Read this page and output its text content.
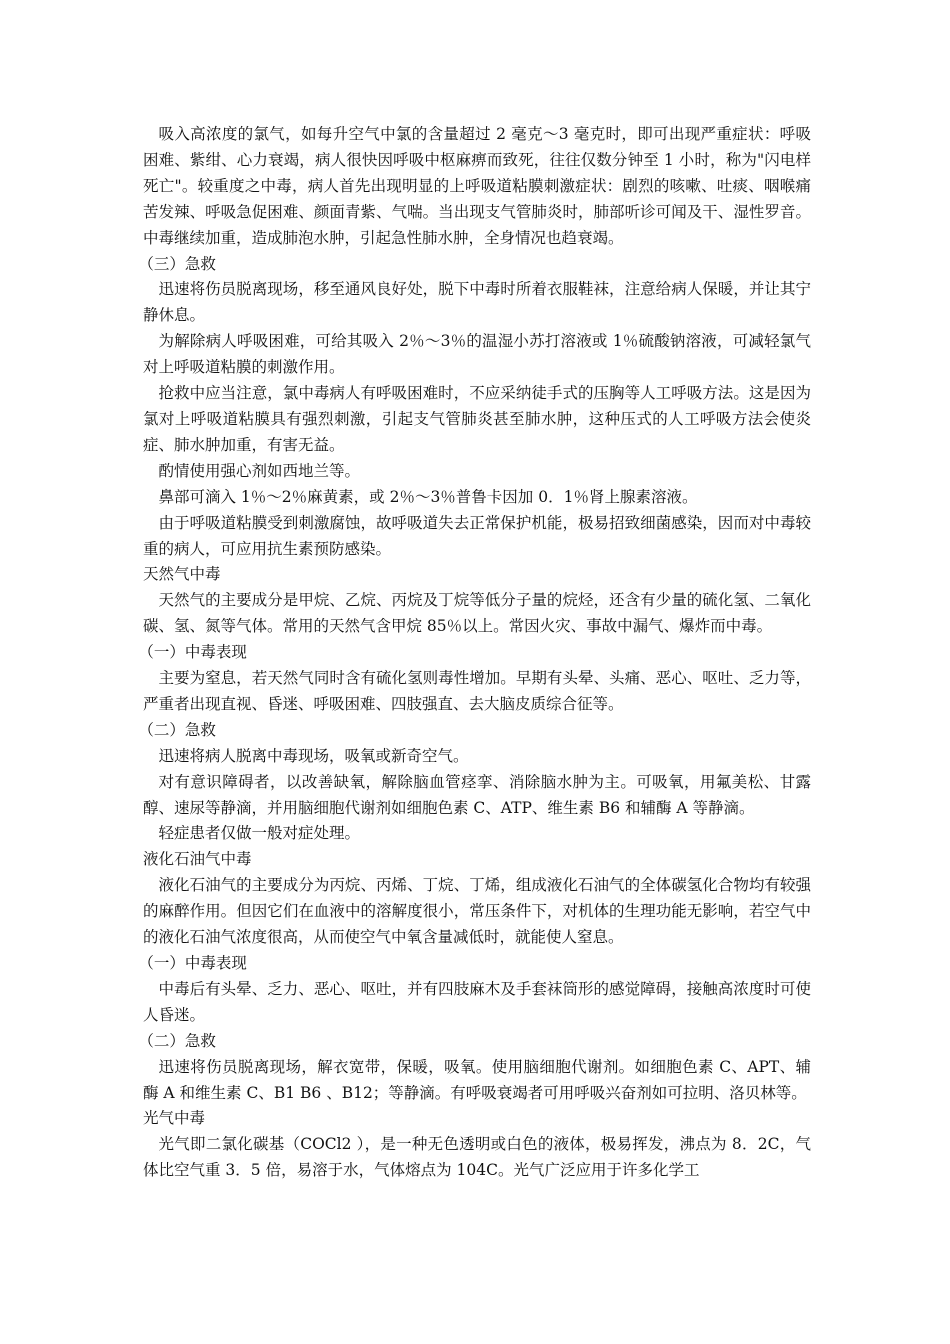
吸入高浓度的氯气，如每升空气中氯的含量超过 2 毫克～3 毫克时，即可出现严重症状：呼吸困难、紫绀、心力衰竭，病人很快因呼吸中枢麻痹而致死，往往仅数分钟至 1 小时，称为"闪电样死亡"。较重度之中毒，病人首先出现明显的上呼吸道粘膜刺激症状：剧烈的咳嗽、吐痰、咽喉痛苦发辣、呼吸急促困难、颜面青紫、气喘。当出现支气管肺炎时，肺部听诊可闻及干、湿性罗音。中毒继续加重，造成肺泡水肿，引起急性肺水肿，全身情况也趋衰竭。

（三）急救

迅速将伤员脱离现场，移至通风良好处，脱下中毒时所着衣服鞋袜，注意给病人保暖，并让其宁静休息。

为解除病人呼吸困难，可给其吸入 2％～3％的温湿小苏打溶液或 1％硫酸钠溶液，可减轻氯气对上呼吸道粘膜的刺激作用。

抢救中应当注意，氯中毒病人有呼吸困难时，不应采纳徒手式的压胸等人工呼吸方法。这是因为氯对上呼吸道粘膜具有强烈刺激，引起支气管肺炎甚至肺水肿，这种压式的人工呼吸方法会使炎症、肺水肿加重，有害无益。

酌情使用强心剂如西地兰等。

鼻部可滴入 1％～2％麻黄素，或 2％～3％普鲁卡因加 0．1％肾上腺素溶液。

由于呼吸道粘膜受到刺激腐蚀，故呼吸道失去正常保护机能，极易招致细菌感染，因而对中毒较重的病人，可应用抗生素预防感染。

天然气中毒

天然气的主要成分是甲烷、乙烷、丙烷及丁烷等低分子量的烷烃，还含有少量的硫化氢、二氧化碳、氢、氮等气体。常用的天然气含甲烷 85％以上。常因火灾、事故中漏气、爆炸而中毒。

（一）中毒表现

主要为窒息，若天然气同时含有硫化氢则毒性增加。早期有头晕、头痛、恶心、呕吐、乏力等，严重者出现直视、昏迷、呼吸困难、四肢强直、去大脑皮质综合征等。

（二）急救

迅速将病人脱离中毒现场，吸氧或新奇空气。

对有意识障碍者，以改善缺氧，解除脑血管痉挛、消除脑水肿为主。可吸氧，用氟美松、甘露醇、速尿等静滴，并用脑细胞代谢剂如细胞色素 C、ATP、维生素 B6 和辅酶 A 等静滴。

轻症患者仅做一般对症处理。

液化石油气中毒

液化石油气的主要成分为丙烷、丙烯、丁烷、丁烯，组成液化石油气的全体碳氢化合物均有较强的麻醉作用。但因它们在血液中的溶解度很小，常压条件下，对机体的生理功能无影响，若空气中的液化石油气浓度很高，从而使空气中氧含量减低时，就能使人窒息。

（一）中毒表现

中毒后有头晕、乏力、恶心、呕吐，并有四肢麻木及手套袜筒形的感觉障碍，接触高浓度时可使人昏迷。

（二）急救

迅速将伤员脱离现场，解衣宽带，保暖，吸氧。使用脑细胞代谢剂。如细胞色素 C、APT、辅酶 A 和维生素 C、B1 B6 、B12；等静滴。有呼吸衰竭者可用呼吸兴奋剂如可拉明、洛贝林等。

光气中毒

光气即二氯化碳基（COCl2 ），是一种无色透明或白色的液体，极易挥发，沸点为 8．2C，气体比空气重 3．5 倍，易溶于水，气体熔点为 104C。光气广泛应用于许多化学工
